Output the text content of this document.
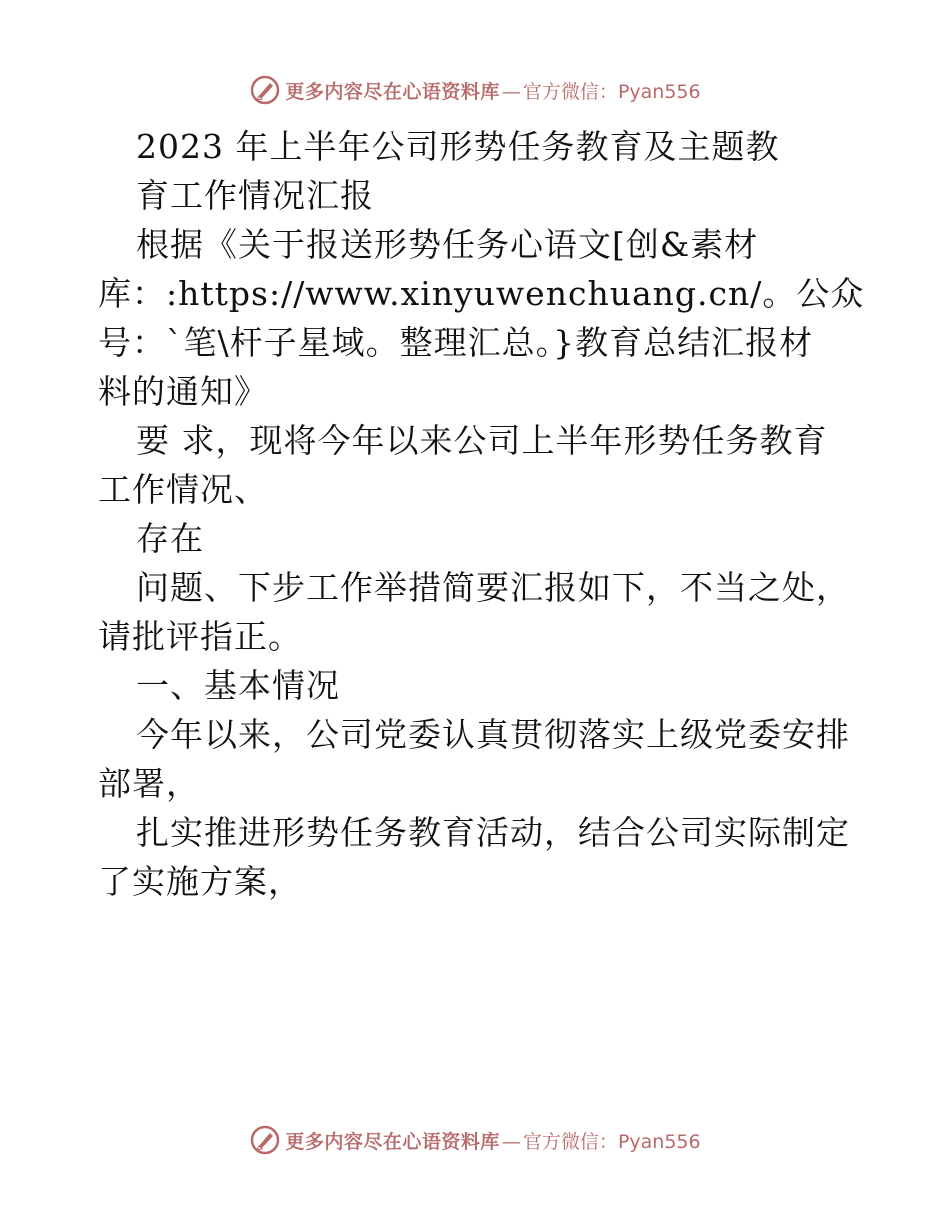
更多内容尽在心语资料库 — 官方微信：Pyan556
2023 年上半年公司形势任务教育及主题教
育工作情况汇报
根据《关于报送形势任务心语文[创&素材
库：:https://www.xinyuwenchuang.cn/。公众
号：`笔\杆子星域。整理汇总。}教育总结汇报材
料的通知》
要 求，现将今年以来公司上半年形势任务教育
工作情况、
存在
问题、下步工作举措简要汇报如下，不当之处，
请批评指正。
一、基本情况
今年以来，公司党委认真贯彻落实上级党委安排
部署，
扎实推进形势任务教育活动，结合公司实际制定
了实施方案，
更多内容尽在心语资料库 — 官方微信：Pyan556
